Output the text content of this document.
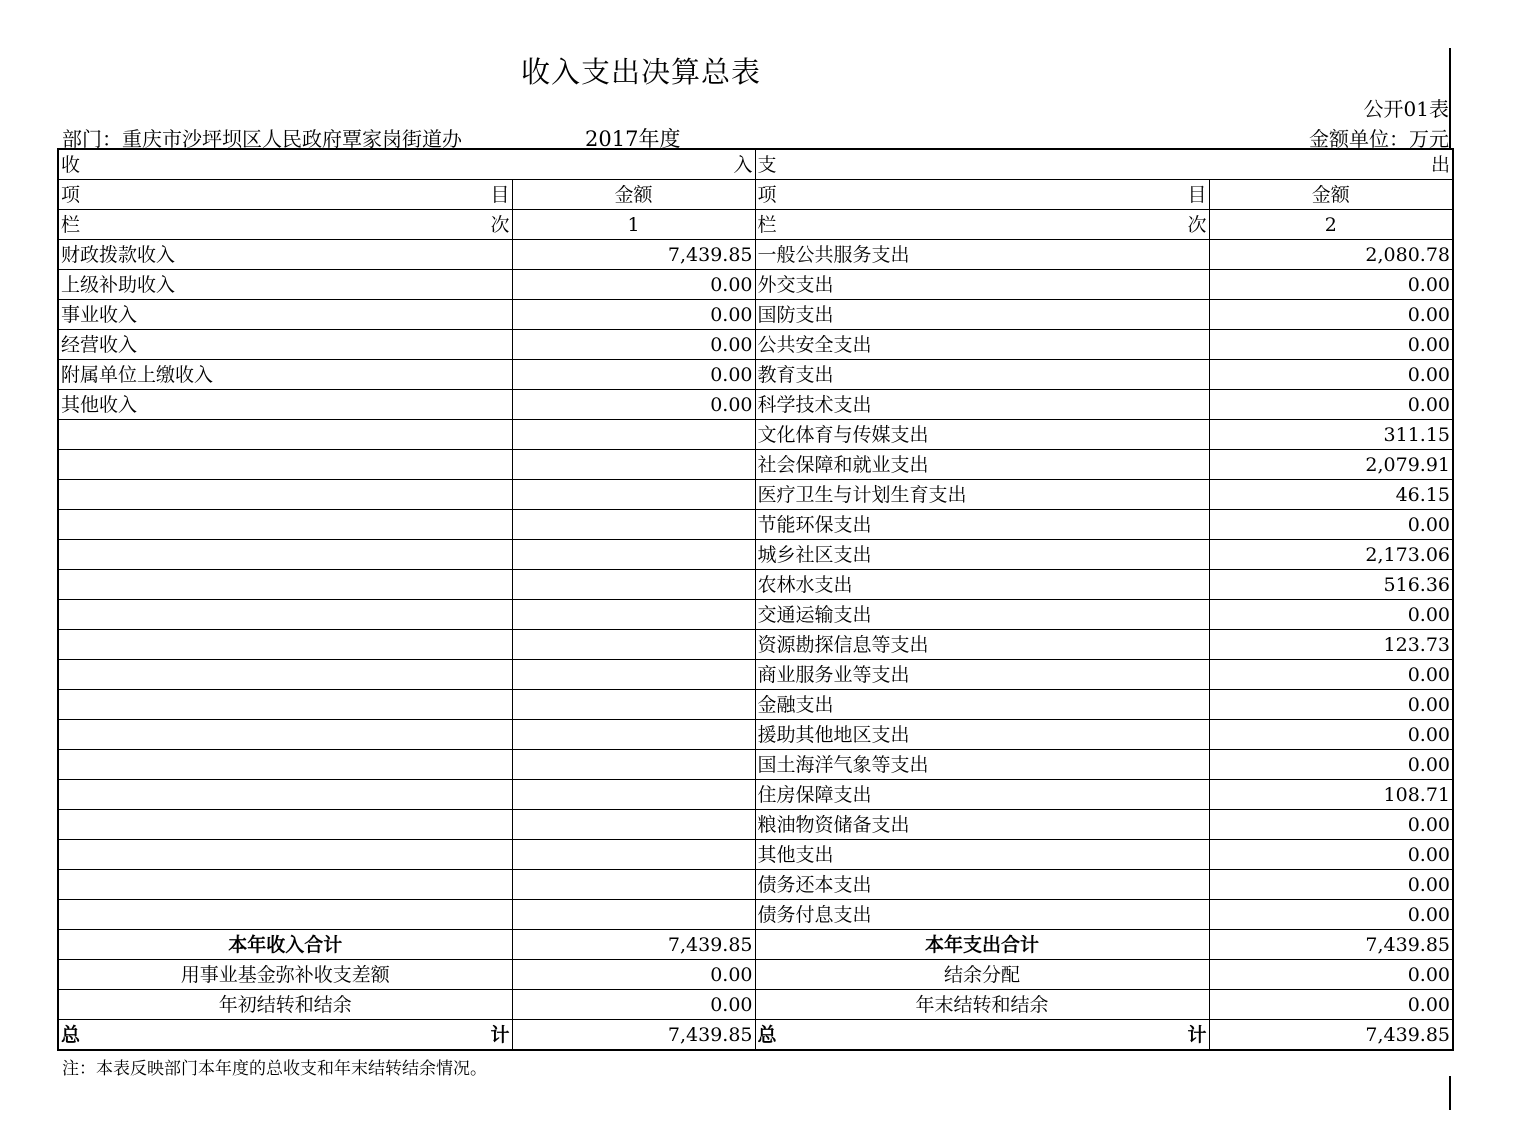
收入支出决算总表
公开01表
部门：重庆市沙坪坝区人民政府覃家岗街道办	2017年度	金额单位：万元
收 入		支 出	

项 目	金额	项 目	金额

栏 次	1	栏 次	2
财政拨款收入	7,439.85	一般公共服务支出	2,080.78
上级补助收入	0.00	外交支出	0.00
事业收入	0.00	国防支出	0.00
经营收入	0.00	公共安全支出	0.00
附属单位上缴收入	0.00	教育支出	0.00
其他收入	0.00	科学技术支出	0.00
		文化体育与传媒支出	311.15
		社会保障和就业支出	2,079.91
		医疗卫生与计划生育支出	46.15
		节能环保支出	0.00
		城乡社区支出	2,173.06
		农林水支出	516.36
		交通运输支出	0.00
		资源勘探信息等支出	123.73
		商业服务业等支出	0.00
		金融支出	0.00
		援助其他地区支出	0.00
		国土海洋气象等支出	0.00
		住房保障支出	108.71
		粮油物资储备支出	0.00
		其他支出	0.00
		债务还本支出	0.00
		债务付息支出	0.00
本年收入合计	7,439.85	本年支出合计	7,439.85
用事业基金弥补收支差额	0.00	结余分配	0.00
年初结转和结余	0.00	年末结转和结余	0.00

总 计	7,439.85	总 计	7,439.85
注：本表反映部门本年度的总收支和年末结转结余情况。
